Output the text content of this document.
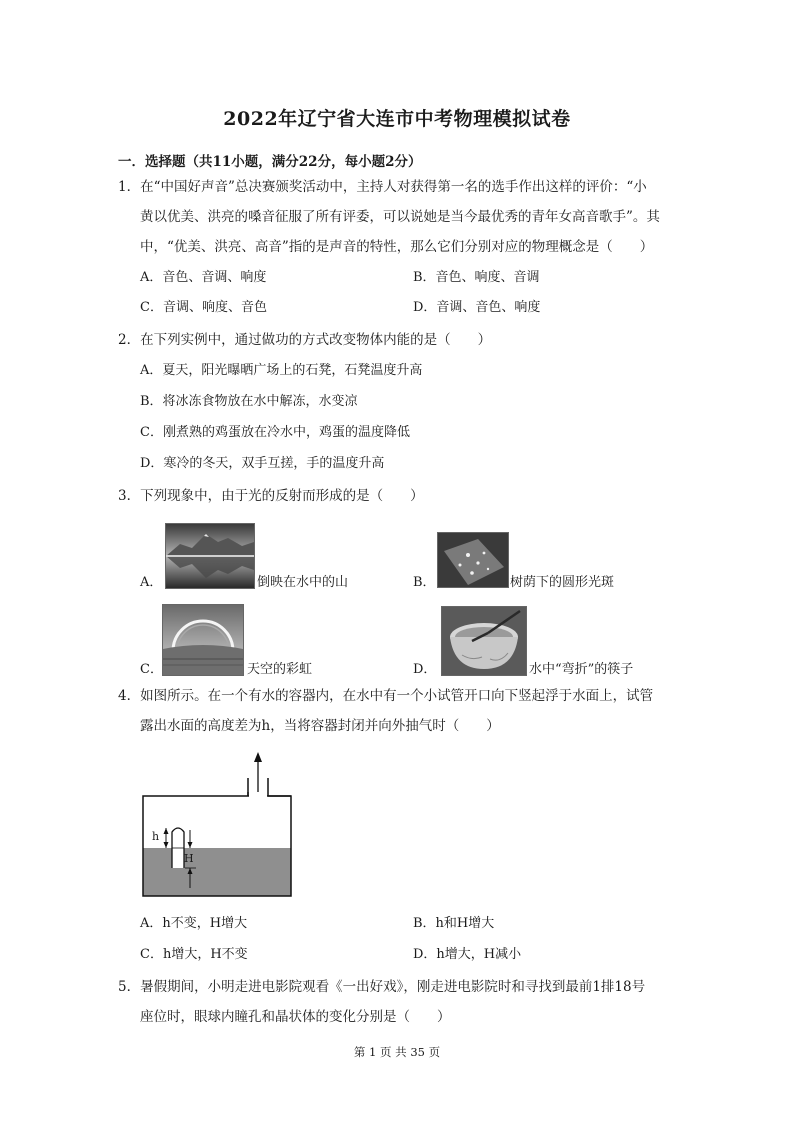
2022年辽宁省大连市中考物理模拟试卷
一．选择题（共11小题，满分22分，每小题2分）
1．在“中国好声音”总决赛颁奖活动中，主持人对获得第一名的选手作出这样的评价：“小
黄以优美、洪亮的嗓音征服了所有评委，可以说她是当今最优秀的青年女高音歌手”。其
中，“优美、洪亮、高音”指的是声音的特性，那么它们分别对应的物理概念是（　　）
A．音色、音调、响度	B．音色、响度、音调
C．音调、响度、音色	D．音调、音色、响度
2．在下列实例中，通过做功的方式改变物体内能的是（　　）
A．夏天，阳光曝晒广场上的石凳，石凳温度升高
B．将冰冻食物放在水中解冻，水变凉
C．刚煮熟的鸡蛋放在冷水中，鸡蛋的温度降低
D．寒冷的冬天，双手互搓，手的温度升高
3．下列现象中，由于光的反射而形成的是（　　）
A．	倒映在水中的山	B．	树荫下的圆形光斑
C．	天空的彩虹	D．	水中“弯折”的筷子
4．如图所示。在一个有水的容器内，在水中有一个小试管开口向下竖起浮于水面上，试管
露出水面的高度差为h，当将容器封闭并向外抽气时（　　）
h
H
A．h不变，H增大	B．h和H增大
C．h增大，H不变	D．h增大，H减小
5．暑假期间，小明走进电影院观看《一出好戏》，刚走进电影院时和寻找到最前1排18号
座位时，眼球内瞳孔和晶状体的变化分别是（　　）
第 1 页 共 35 页
